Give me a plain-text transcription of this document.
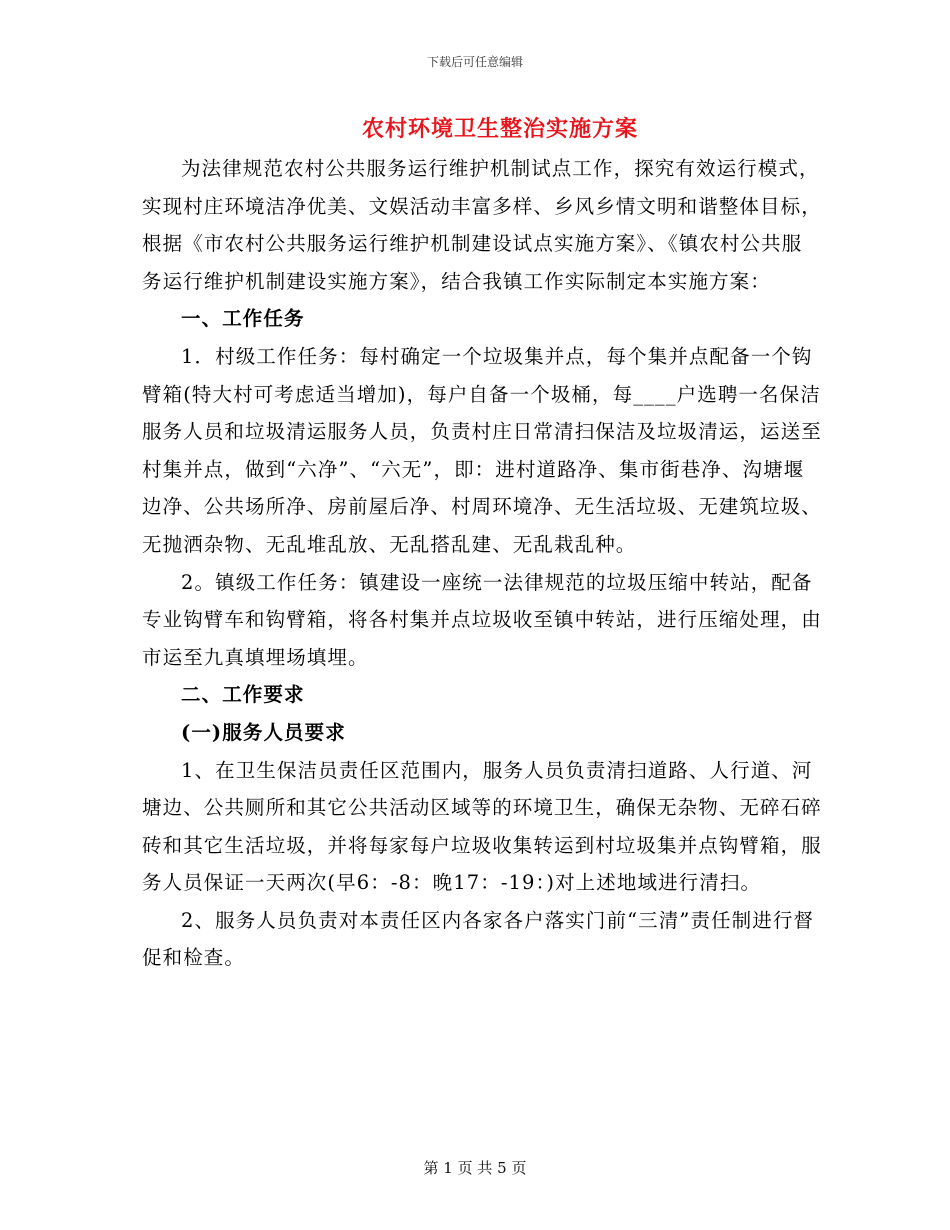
下载后可任意编辑
农村环境卫生整治实施方案

为法律规范农村公共服务运行维护机制试点工作，探究有效运行模式，实现村庄环境洁净优美、文娱活动丰富多样、乡风乡情文明和谐整体目标，根据《市农村公共服务运行维护机制建设试点实施方案》、《镇农村公共服务运行维护机制建设实施方案》，结合我镇工作实际制定本实施方案：

一、工作任务

1．村级工作任务：每村确定一个垃圾集并点，每个集并点配备一个钩臂箱(特大村可考虑适当增加)，每户自备一个圾桶，每____户选聘一名保洁服务人员和垃圾清运服务人员，负责村庄日常清扫保洁及垃圾清运，运送至村集并点，做到“六净”、“六无”，即：进村道路净、集市街巷净、沟塘堰边净、公共场所净、房前屋后净、村周环境净、无生活垃圾、无建筑垃圾、无抛洒杂物、无乱堆乱放、无乱搭乱建、无乱栽乱种。

2。镇级工作任务：镇建设一座统一法律规范的垃圾压缩中转站，配备专业钩臂车和钩臂箱，将各村集并点垃圾收至镇中转站，进行压缩处理，由市运至九真填埋场填埋。

二、工作要求

(一)服务人员要求

1、在卫生保洁员责任区范围内，服务人员负责清扫道路、人行道、河塘边、公共厕所和其它公共活动区域等的环境卫生，确保无杂物、无碎石碎砖和其它生活垃圾，并将每家每户垃圾收集转运到村垃圾集并点钩臂箱，服务人员保证一天两次(早6：-8：晚17：-19：)对上述地域进行清扫。

2、服务人员负责对本责任区内各家各户落实门前“三清”责任制进行督促和检查。

第 1 页 共 5 页
